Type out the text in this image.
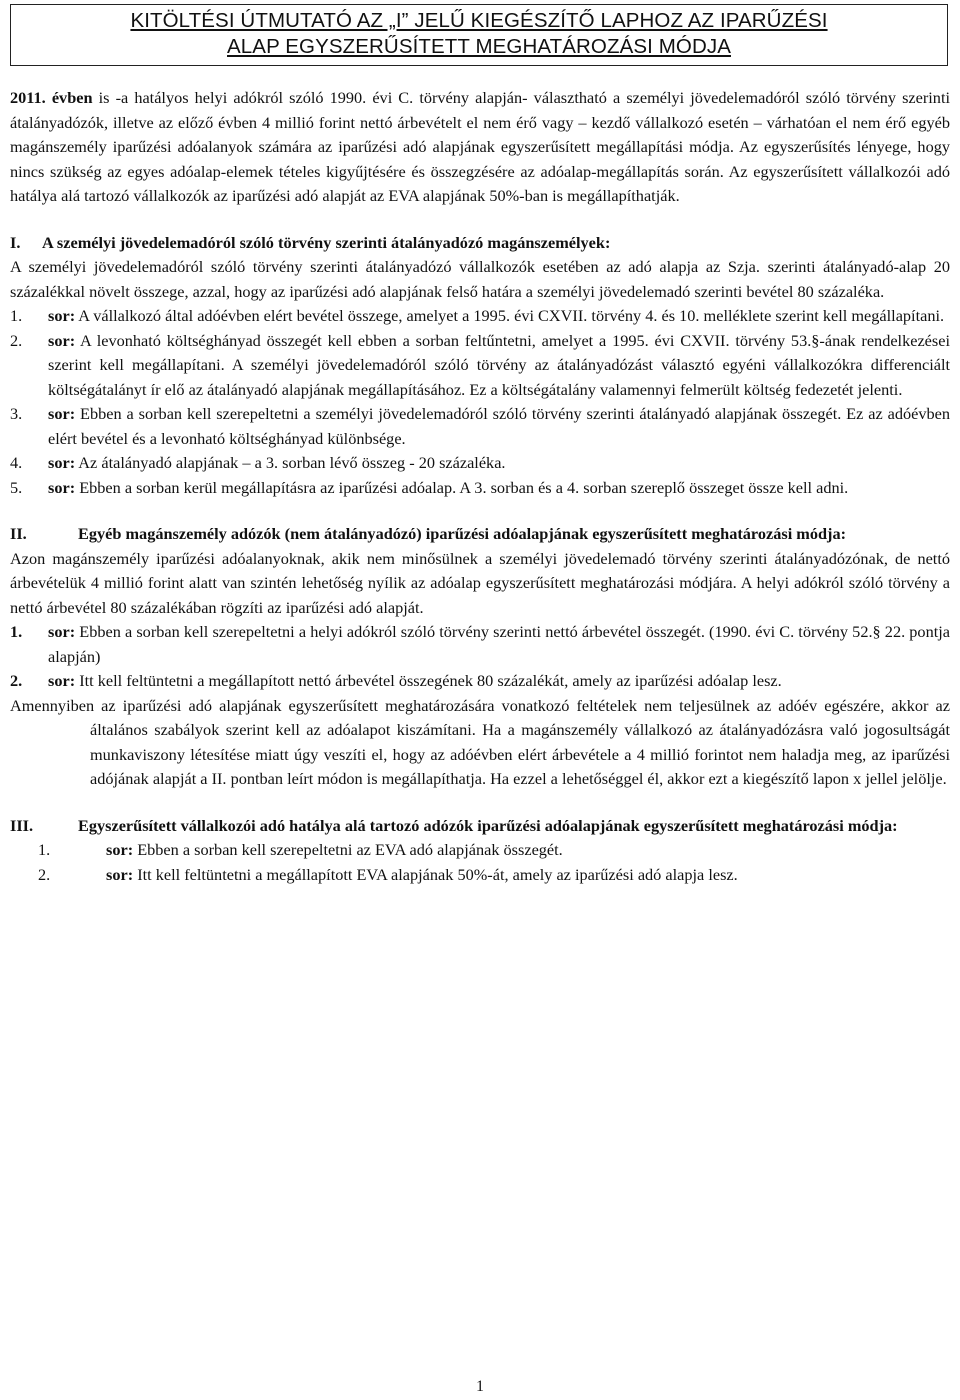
KITÖLTÉSI ÚTMUTATÓ AZ „I” JELŰ KIEGÉSZÍTŐ LAPHOZ AZ IPARŰZÉSI
ALAP EGYSZERŰSÍTETT MEGHATÁROZÁSI MÓDJA

2011. évben is -a hatályos helyi adókról szóló 1990. évi C. törvény alapján- választható a személyi jövedelemadóról szóló törvény szerinti átalányadózók, illetve az előző évben 4 millió forint nettó árbevételt el nem érő vagy – kezdő vállalkozó esetén – várhatóan el nem érő egyéb magánszemély iparűzési adóalanyok számára az iparűzési adó alapjának egyszerűsített megállapítási módja. Az egyszerűsítés lényege, hogy nincs szükség az egyes adóalap-elemek tételes kigyűjtésére és összegzésére az adóalap-megállapítás során. Az egyszerűsített vállalkozói adó hatálya alá tartozó vállalkozók az iparűzési adó alapját az EVA alapjának 50%-ban is megállapíthatják.

I.	A személyi jövedelemadóról szóló törvény szerinti átalányadózó magánszemélyek:

A személyi jövedelemadóról szóló törvény szerinti átalányadózó vállalkozók esetében az adó alapja az Szja. szerinti átalányadó-alap 20 százalékkal növelt összege, azzal, hogy az iparűzési adó alapjának felső határa a személyi jövedelemadó szerinti bevétel 80 százaléka.

1.	sor: A vállalkozó által adóévben elért bevétel összege, amelyet a 1995. évi CXVII. törvény 4. és 10. melléklete szerint kell megállapítani.
2.	sor: A levonható költséghányad összegét kell ebben a sorban feltűntetni, amelyet a 1995. évi CXVII. törvény 53.§-ának rendelkezései szerint kell megállapítani. A személyi jövedelemadóról szóló törvény az átalányadózást választó egyéni vállalkozókra differenciált költségátalányt ír elő az átalányadó alapjának megállapításához. Ez a költségátalány valamennyi felmerült költség fedezetét jelenti.
3.	sor: Ebben a sorban kell szerepeltetni a személyi jövedelemadóról szóló törvény szerinti átalányadó alapjának összegét. Ez az adóévben elért bevétel és a levonható költséghányad különbsége.
4.	sor: Az átalányadó alapjának – a 3. sorban lévő összeg - 20 százaléka.
5.	sor: Ebben a sorban kerül megállapításra az iparűzési adóalap. A 3. sorban és a 4. sorban szereplő összeget össze kell adni.
II.	Egyéb magánszemély adózók (nem átalányadózó) iparűzési adóalapjának egyszerűsített meghatározási módja:

Azon magánszemély iparűzési adóalanyoknak, akik nem minősülnek a személyi jövedelemadó törvény szerinti átalányadózónak, de nettó árbevételük 4 millió forint alatt van szintén lehetőség nyílik az adóalap egyszerűsített meghatározási módjára. A helyi adókról szóló törvény a nettó árbevétel 80 százalékában rögzíti az iparűzési adó alapját.

1.	sor: Ebben a sorban kell szerepeltetni a helyi adókról szóló törvény szerinti nettó árbevétel összegét. (1990. évi C. törvény 52.§ 22. pontja alapján)
2.	sor: Itt kell feltüntetni a megállapított nettó árbevétel összegének 80 százalékát, amely az iparűzési adóalap lesz.

Amennyiben az iparűzési adó alapjának egyszerűsített meghatározására vonatkozó feltételek nem teljesülnek az adóév egészére, akkor az általános szabályok szerint kell az adóalapot kiszámítani. Ha a magánszemély vállalkozó az átalányadózásra való jogosultságát munkaviszony létesítése miatt úgy veszíti el, hogy az adóévben elért árbevétele a 4 millió forintot nem haladja meg, az iparűzési adójának alapját a II. pontban leírt módon is megállapíthatja. Ha ezzel a lehetőséggel él, akkor ezt a kiegészítő lapon x jellel jelölje.

III.	Egyszerűsített vállalkozói adó hatálya alá tartozó adózók iparűzési adóalapjának egyszerűsített meghatározási módja:
1.	sor: Ebben a sorban kell szerepeltetni az EVA adó alapjának összegét.
2.	sor: Itt kell feltüntetni a megállapított EVA alapjának 50%-át, amely az iparűzési adó alapja lesz.
1
